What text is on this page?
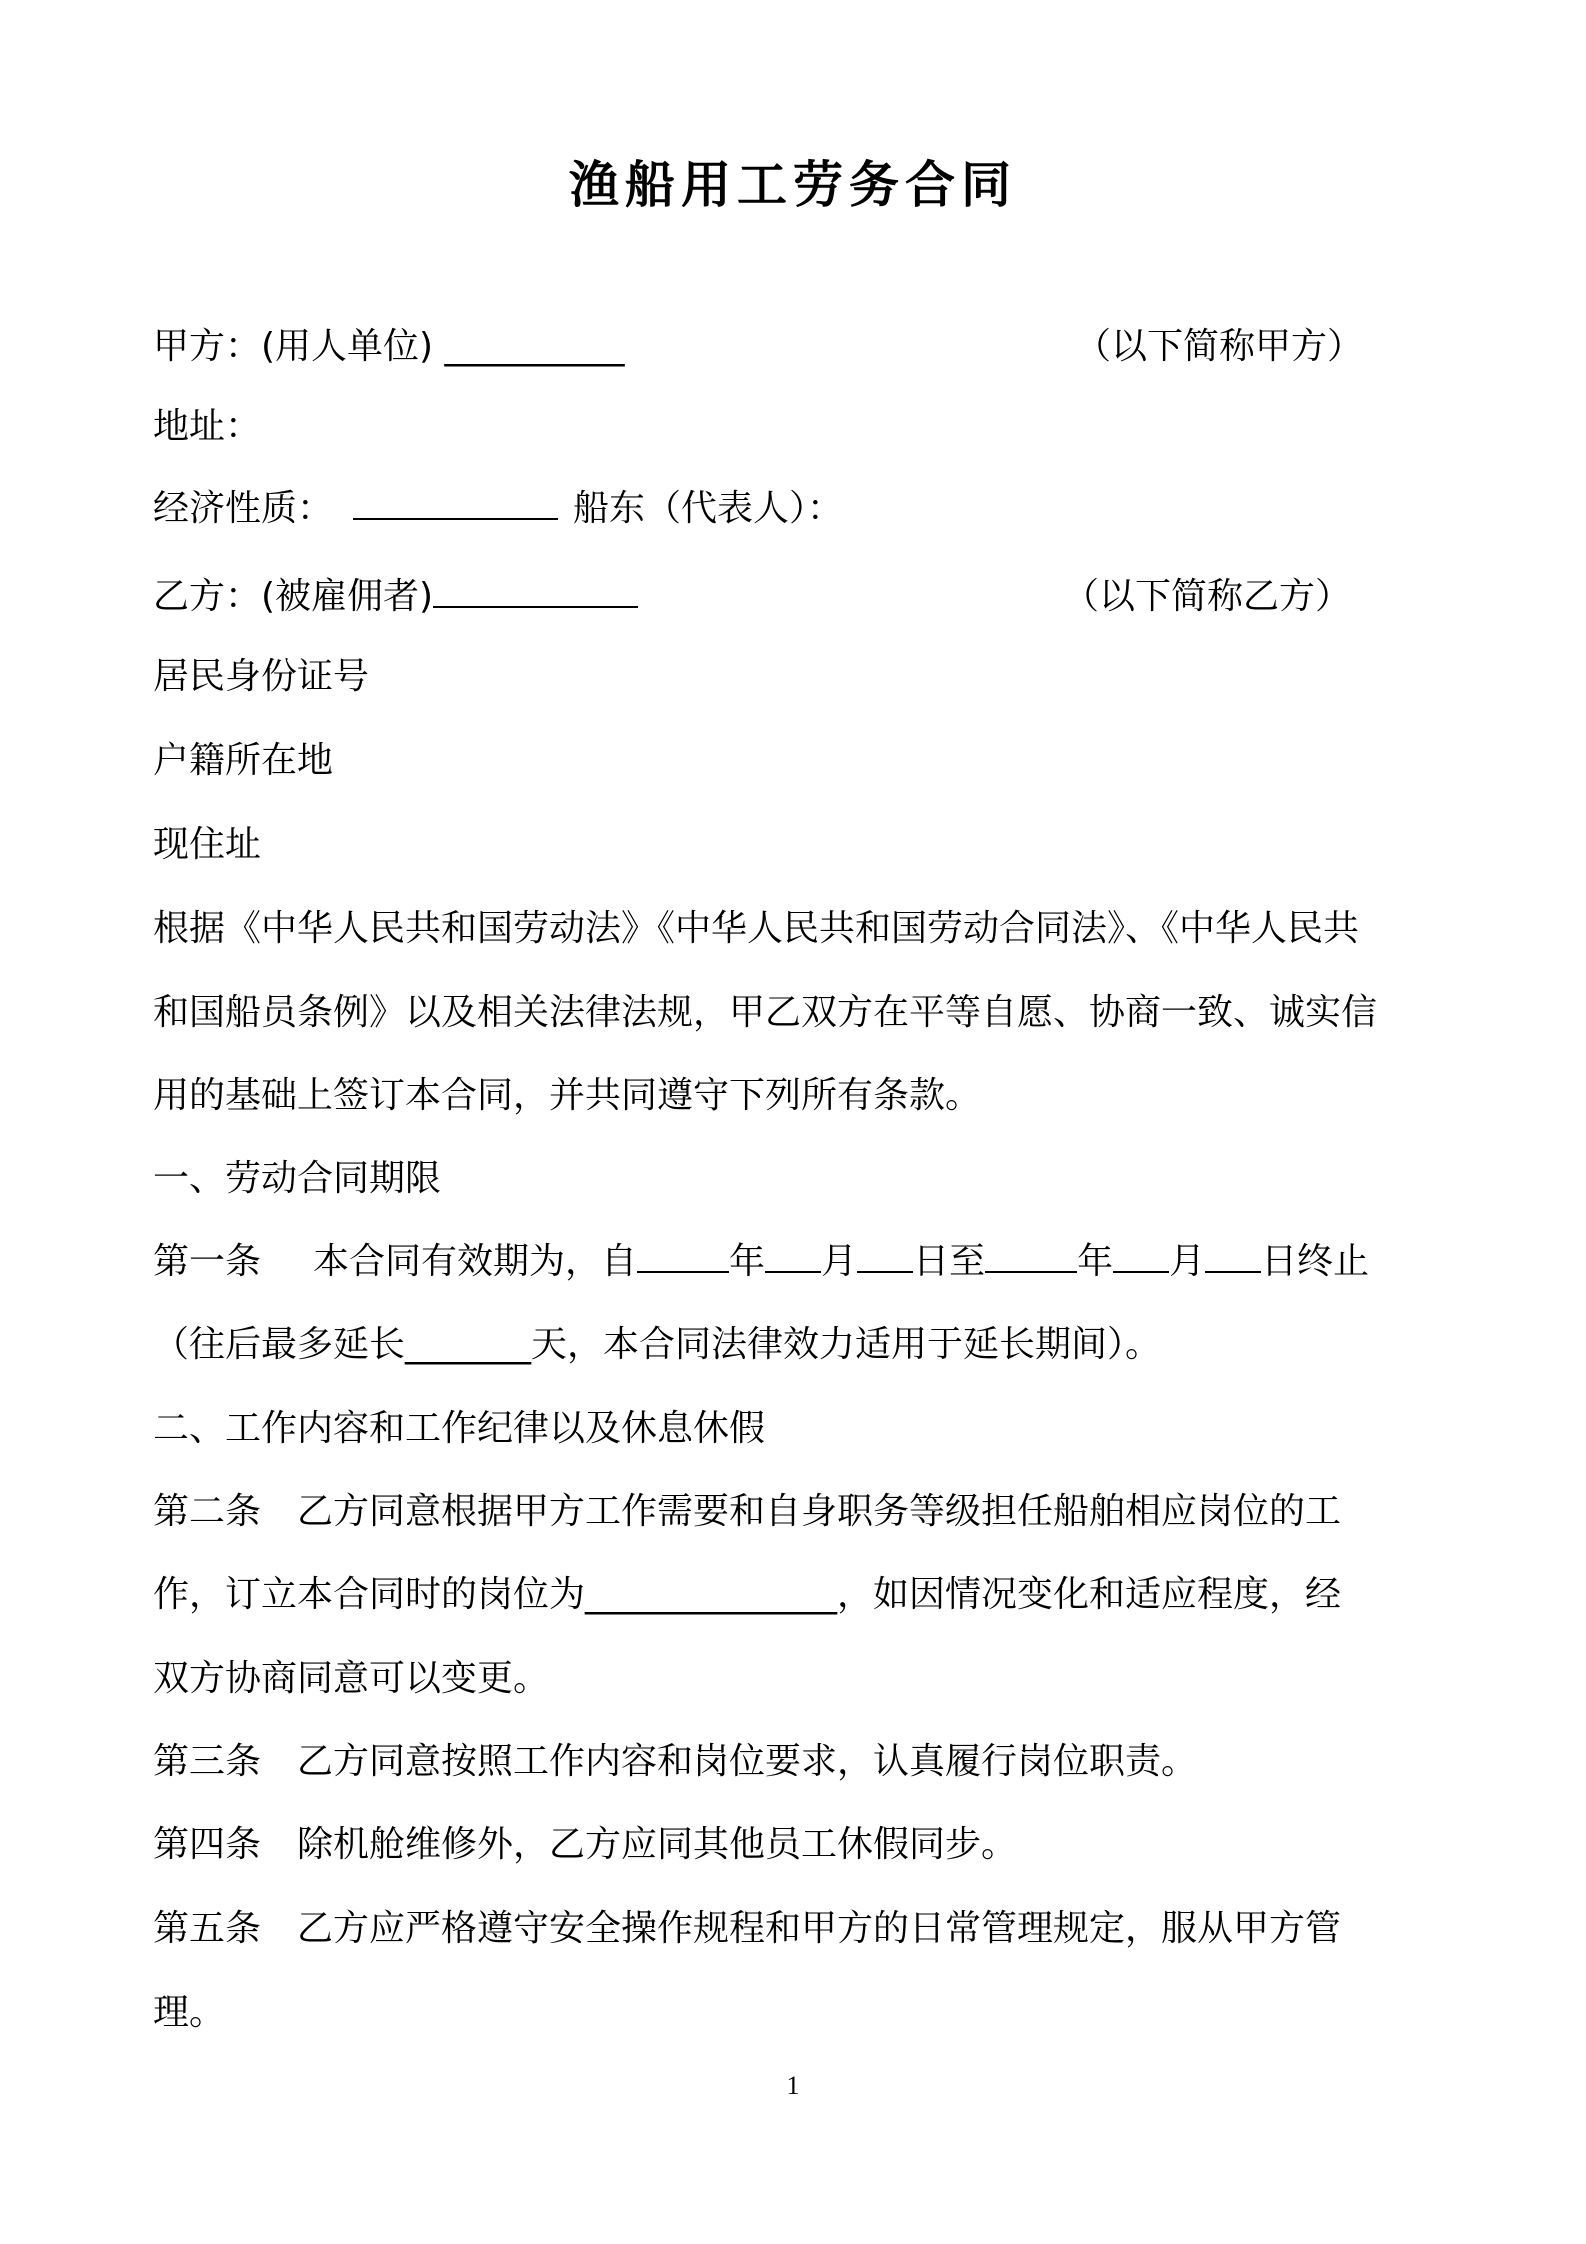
渔船用工劳务合同
甲方：(用人单位) __________	（以下简称甲方）
地址：
经济性质：	船东（代表人）：
乙方：(被雇佣者)	（以下简称乙方）
居民身份证号
户籍所在地
现住址
根据《中华人民共和国劳动法》《中华人民共和国劳动合同法》、《中华人民共
和国船员条例》以及相关法律法规，甲乙双方在平等自愿、协商一致、诚实信
用的基础上签订本合同，并共同遵守下列所有条款。
一、劳动合同期限
第一条 本合同有效期为，自	年 月 日至	年 月 日终止
（往后最多延长_______天，本合同法律效力适用于延长期间）。
二、工作内容和工作纪律以及休息休假
第二条 乙方同意根据甲方工作需要和自身职务等级担任船舶相应岗位的工
作，订立本合同时的岗位为______________，如因情况变化和适应程度，经
双方协商同意可以变更。
第三条 乙方同意按照工作内容和岗位要求，认真履行岗位职责。
第四条 除机舱维修外，乙方应同其他员工休假同步。
第五条 乙方应严格遵守安全操作规程和甲方的日常管理规定，服从甲方管
理。
1
